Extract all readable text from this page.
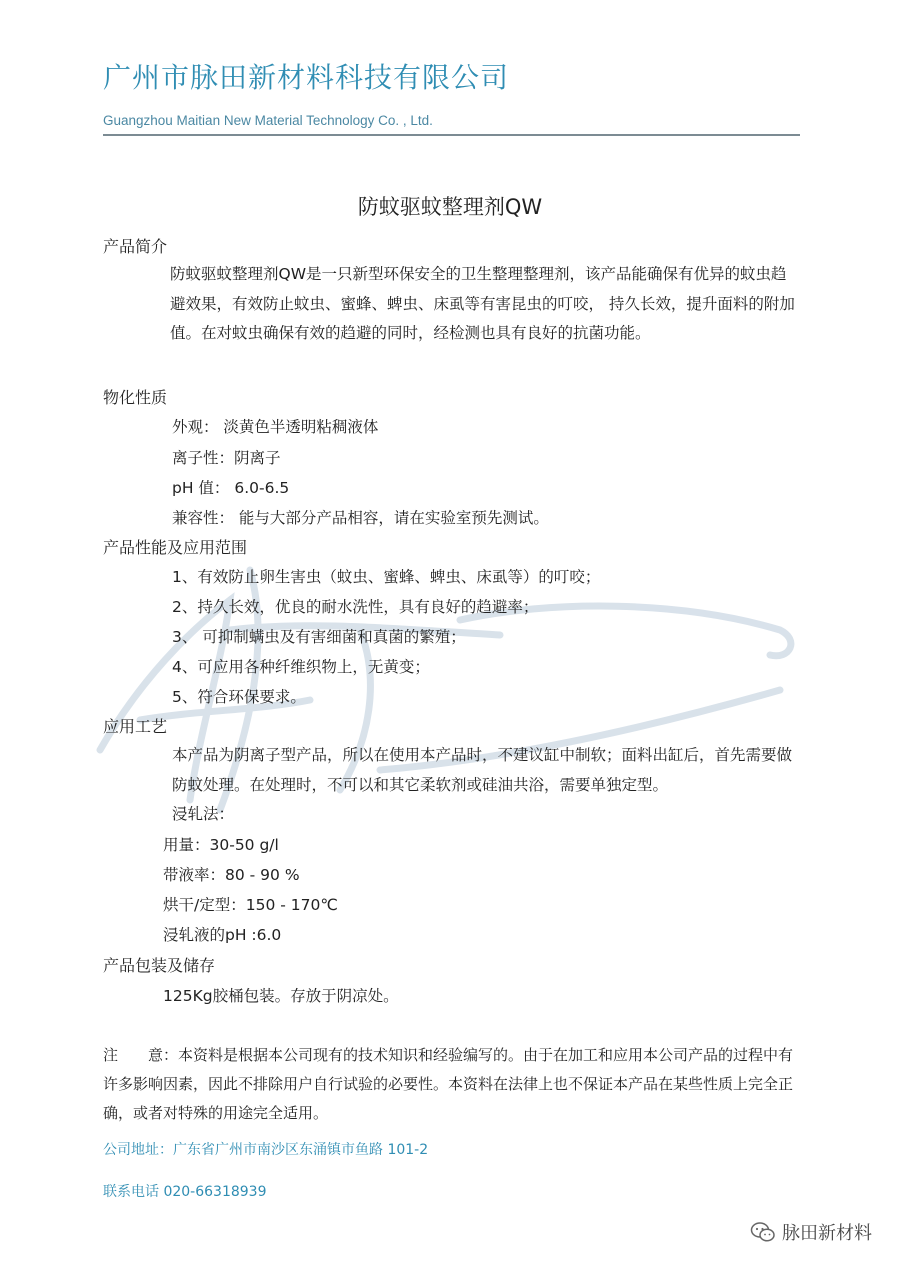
广州市脉田新材料科技有限公司
Guangzhou Maitian New Material Technology Co. , Ltd.
防蚊驱蚊整理剂QW
产品简介
防蚊驱蚊整理剂QW是一只新型环保安全的卫生整理整理剂，该产品能确保有优异的蚊虫趋避效果，有效防止蚊虫、蜜蜂、蜱虫、床虱等有害昆虫的叮咬， 持久长效，提升面料的附加值。在对蚊虫确保有效的趋避的同时，经检测也具有良好的抗菌功能。
物化性质
外观： 淡黄色半透明粘稠液体
离子性：阴离子
pH 值： 6.0-6.5
兼容性： 能与大部分产品相容，请在实验室预先测试。
产品性能及应用范围
1、有效防止卵生害虫（蚊虫、蜜蜂、蜱虫、床虱等）的叮咬；
2、持久长效，优良的耐水洗性，具有良好的趋避率；
3、 可抑制螨虫及有害细菌和真菌的繁殖；
4、可应用各种纤维织物上，无黄变；
5、符合环保要求。
应用工艺
本产品为阴离子型产品，所以在使用本产品时，不建议缸中制软；面料出缸后，首先需要做防蚊处理。在处理时，不可以和其它柔软剂或硅油共浴，需要单独定型。
浸轧法：
用量：30-50 g/l
带液率：80 - 90 %
烘干/定型：150 - 170℃
浸轧液的pH :6.0
产品包装及储存
125Kg胶桶包装。存放于阴凉处。
注　　意：本资料是根据本公司现有的技术知识和经验编写的。由于在加工和应用本公司产品的过程中有许多影响因素，因此不排除用户自行试验的必要性。本资料在法律上也不保证本产品在某些性质上完全正确，或者对特殊的用途完全适用。
公司地址：广东省广州市南沙区东涌镇市鱼路 101-2
联系电话 020-66318939
六毁跨境
脉田新材料
